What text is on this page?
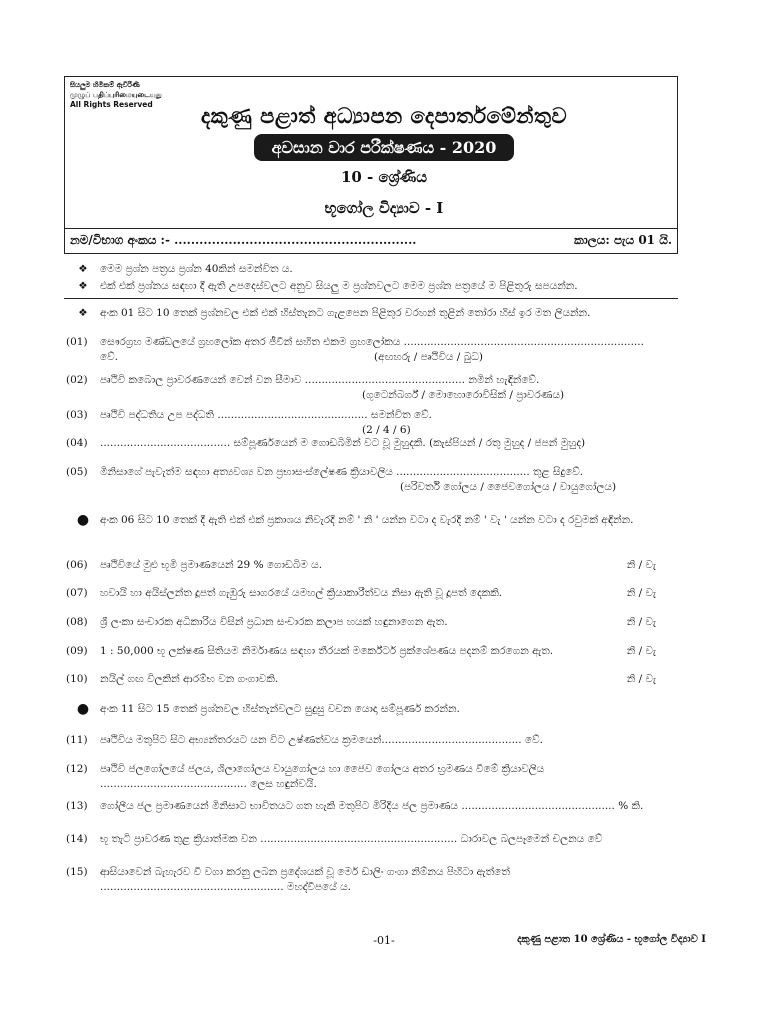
සියලුම හිමිකම් ඇවිරිණි
முழுப் பதிப்புரிமையுடையது
All Rights Reserved	දකුණු පළාත් අධ්‍යාපන දෙපාර්තමේන්තුව
අවසාන වාර පරීක්ෂණය - 2020
10 - ශ්‍රේණිය
භූගෝල විද්‍යාව - I
නම/විභාග අංකය :- ..........................................................	කාලය: පැය 01 යි.
❖ මෙම ප්‍රශ්න පත්‍රය ප්‍රශ්න 40කින් සමන්විත ය.
❖ එක් එක් ප්‍රශ්නය සඳහා දී ඇති උපදෙස්වලට අනුව සියලු ම ප්‍රශ්නවලට මෙම ප්‍රශ්න පත්‍රයේ ම පිළිතුරු සපයන්න.
❖ අංක 01 සිට 10 තෙක් ප්‍රශ්නවල එක් එක් හිස්තැනට ගැළපෙන පිළිතුර වරහන් තුළින් තෝරා හිස් ඉර මත ලියන්න.
(01)	සෞරග්‍රහ මණ්ඩලයේ ග්‍රහලෝක අතර ජීවීන් සහිත එකම ග්‍රහලෝකය ........................................................................ වේ.	(අඟහරු / පෘථිවිය / බුධ)
(02)	පෘථිවි කබොල ප්‍රාවරණයෙන් වෙන් වන සීමාව ................................................ නමින් හැඳින්වේ.
(ගුටෙන්බර්ග් / මොහොරොවිසික් / ප්‍රාවරණය)
(03)	පෘථිවි පද්ධතිය උප පද්ධති ............................................. සමන්විත වේ.
(2 / 4 / 6)
(04)	....................................... සම්පූර්ණයෙන් ම ගොඩබිමින් වට වූ මුහුදකි. (කැස්පියන් / රතු මුහුද / ජපන් මුහුද)
(05)	මිනිසාගේ පැවැත්ම සඳහා අත්‍යවශ්‍ය වන ප්‍රභාසංස්ලේෂණ ක්‍රියාවලිය ........................................ තුළ සිදුවේ.
(පරිවර්ති ගෝලය / ජෛවගෝලය / වායුගෝලය)
●	අංක 06 සිට 10 තෙක් දී ඇති එක් එක් ප්‍රකාශය නිවැරදි නම් ' නි ' යන්න වටා ද වැරදි නම් ' වැ ' යන්න වටා ද රවුමක් අඳින්න.
(06)	පෘථිවියේ මුළු භූමි ප්‍රමාණයෙන් 29 % ගොඩබිම ය.	නි / වැ
(07)	හවායි හා අයිස්ලන්ත දූපත් ගැඹුරු සාගරයේ යමහල් ක්‍රියාකාරීත්වය නිසා ඇති වූ දූපත් දෙකකි.	නි / වැ
(08)	ශ්‍රී ලංකා සංචාරක අධිකාරිය විසින් ප්‍රධාන සංචාරක කලාප හයක් හඳුනාගෙන ඇත.	නි / වැ
(09)	1 : 50,000 භූ ලක්ෂණ සිතියම නිර්මාණය සඳහා තීරයක් මර්කේටර් ප්‍රක්ශේපණය පදනම් කරගෙන ඇත.	නි / වැ
(10)	නයිල් ගඟ විලකින් ආරම්භ වන ගංගාවකි.	නි / වැ
●	අංක 11 සිට 15 තෙක් ප්‍රශ්නවල හිස්තැන්වලට සුදුසු වචන යොදා සම්පූර්ණ කරන්න.
(11)	පෘථිවිය මතුපිට සිට අභ්‍යන්තරයට යන විට උෂ්ණත්වය ක්‍රමයෙන්.......................................... වේ.
(12)	පෘථිවි ජලගෝලයේ ජලය, ශිලාගෝලය වායුගෝලය හා ජෛව ගෝලය අතර භ්‍රමණය වීමේ ක්‍රියාවලිය
............................................ ලෙස හඳුන්වයි.
(13)	ගෝලීය ජල ප්‍රමාණයෙන් මිනිසාට භාවිතයට ගත හැකි මතුපිට මිරිදිය ජල ප්‍රමාණය .............................................. % කි.
(14)	භූ තැටි ප්‍රාවරණ තුළ ක්‍රියාත්මක වන ........................................................... ධාරාවල බලපෑමෙන් චලනය වේ
(15)	ආසියාවෙන් බැහැරව වී වගා කරනු ලබන ප්‍රදේශයක් වූ මෙර් ඩාලිං ගංගා නිම්නය පිහිටා ඇත්තේ
....................................................... මහද්වීපයේ ය.
-01-	දකුණු පළාත 10 ශ්‍රේණිය - භූගෝල විද්‍යාව I
